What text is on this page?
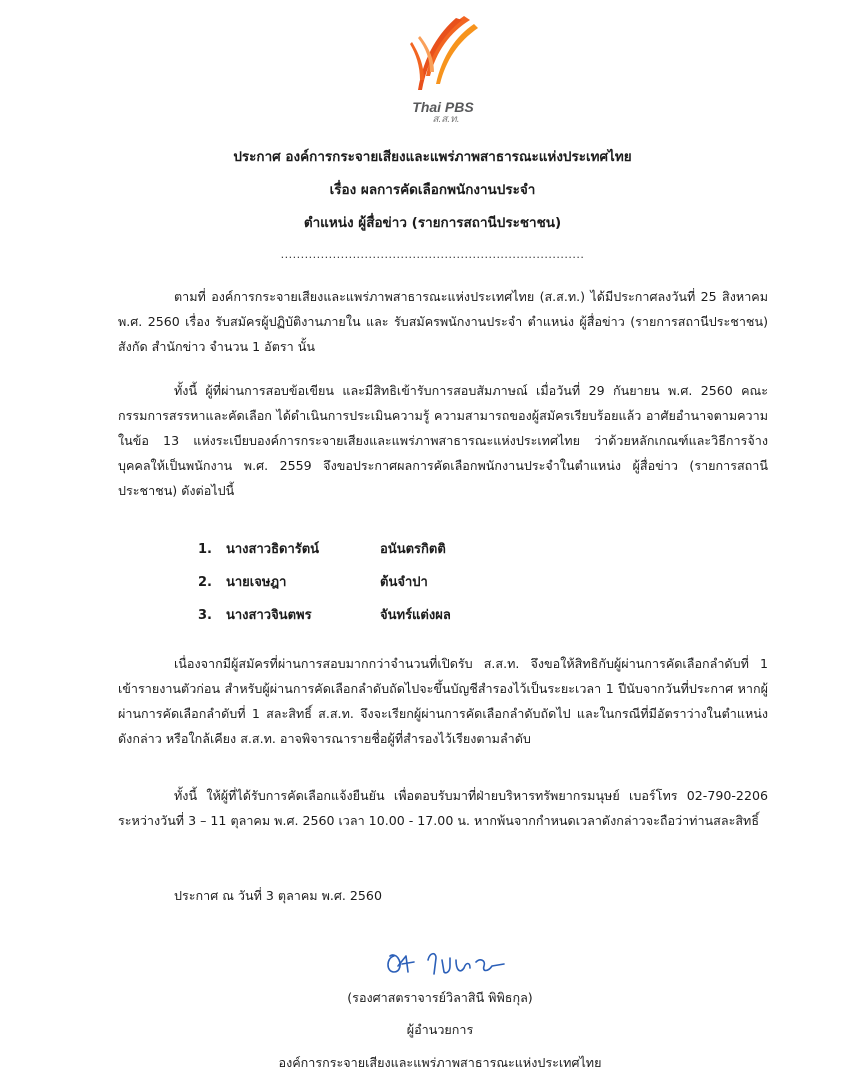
Thai PBS
ส.ส.ท.
ประกาศ องค์การกระจายเสียงและแพร่ภาพสาธารณะแห่งประเทศไทย
เรื่อง ผลการคัดเลือกพนักงานประจำ
ตำแหน่ง ผู้สื่อข่าว (รายการสถานีประชาชน)
............................................................................

ตามที่ องค์การกระจายเสียงและแพร่ภาพสาธารณะแห่งประเทศไทย (ส.ส.ท.) ได้มีประกาศลงวันที่ 25 สิงหาคม พ.ศ. 2560 เรื่อง รับสมัครผู้ปฏิบัติงานภายใน และ รับสมัครพนักงานประจำ ตำแหน่ง ผู้สื่อข่าว (รายการสถานีประชาชน) สังกัด สำนักข่าว จำนวน 1 อัตรา นั้น

ทั้งนี้ ผู้ที่ผ่านการสอบข้อเขียน และมีสิทธิเข้ารับการสอบสัมภาษณ์ เมื่อวันที่ 29 กันยายน พ.ศ. 2560 คณะกรรมการสรรหาและคัดเลือก ได้ดำเนินการประเมินความรู้ ความสามารถของผู้สมัครเรียบร้อยแล้ว อาศัยอำนาจตามความในข้อ 13 แห่งระเบียบองค์การกระจายเสียงและแพร่ภาพสาธารณะแห่งประเทศไทย ว่าด้วยหลักเกณฑ์และวิธีการจ้างบุคคลให้เป็นพนักงาน พ.ศ. 2559 จึงขอประกาศผลการคัดเลือกพนักงานประจำในตำแหน่ง ผู้สื่อข่าว (รายการสถานีประชาชน) ดังต่อไปนี้

1. นางสาวธิดารัตน์	อนันตรกิตติ
2. นายเจษฎา	ต้นจำปา
3. นางสาวจินตพร	จันทร์แต่งผล

เนื่องจากมีผู้สมัครที่ผ่านการสอบมากกว่าจำนวนที่เปิดรับ ส.ส.ท. จึงขอให้สิทธิกับผู้ผ่านการคัดเลือกลำดับที่ 1 เข้ารายงานตัวก่อน สำหรับผู้ผ่านการคัดเลือกลำดับถัดไปจะขึ้นบัญชีสำรองไว้เป็นระยะเวลา 1 ปีนับจากวันที่ประกาศ หากผู้ผ่านการคัดเลือกลำดับที่ 1 สละสิทธิ์ ส.ส.ท. จึงจะเรียกผู้ผ่านการคัดเลือกลำดับถัดไป และในกรณีที่มีอัตราว่างในตำแหน่งดังกล่าว หรือใกล้เคียง ส.ส.ท. อาจพิจารณารายชื่อผู้ที่สำรองไว้เรียงตามลำดับ

ทั้งนี้ ให้ผู้ที่ได้รับการคัดเลือกแจ้งยืนยัน เพื่อตอบรับมาที่ฝ่ายบริหารทรัพยากรมนุษย์ เบอร์โทร 02-790-2206 ระหว่างวันที่ 3 – 11 ตุลาคม พ.ศ. 2560 เวลา 10.00 - 17.00 น. หากพ้นจากกำหนดเวลาดังกล่าวจะถือว่าท่านสละสิทธิ์

ประกาศ ณ วันที่ 3 ตุลาคม พ.ศ. 2560
(รองศาสตราจารย์วิลาสินี พิพิธกุล)
ผู้อำนวยการ
องค์การกระจายเสียงและแพร่ภาพสาธารณะแห่งประเทศไทย
